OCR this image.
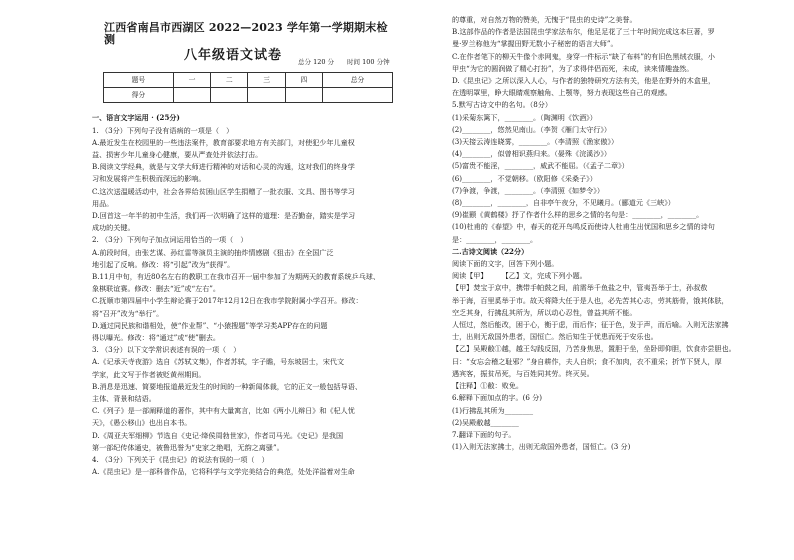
江西省南昌市西湖区 2022—2023 学年第一学期期末检测
八年级语文试卷 总分 120 分　　时间 100 分钟
题号	一	二	三	四	总分
得分					
一、语言文字运用 · (25分)
1. （3分）下列句子没有语病的一项是（　）
A.最近发生在校园里的一些违法案件，教育部要求地方有关部门，对使犯少年儿童权
益、损害少年儿童身心健康，要从严查处并依法打击。
B.阅读文学经典，就是与文学大师进行精神的对话和心灵的沟通，这对我们的终身学
习和发展将产生积极而深远的影响。
C.这次送温暖活动中，社会各界给贫困山区学生捐赠了一批衣服、文具、图书等学习
用品。
D.回首这一年半的初中生活，我们再一次明确了这样的道理：是否勤奋，踏实是学习
成功的关键。
2. （3分）下列句子加点词运用恰当的一项（　）
A.前段时间，由张艺谋、孙红雷等演员主演的抽炸情感剧《狙击》在全国广泛
地引起了反响。修改：将“引起”改为“获得”。
B.11月中旬，有近80名左右的教职工在我市召开一届中参加了为期两天的教育系统乒乓球、
象棋联谊赛。修改：删去“近”或“左右”。
C.抚顺市第四届中小学生辩论赛于2017年12月12日在我市学院附属小学召开。修改：
将“召开”改为“举行”。
D.通过同民族和谐相处，使“作业帮”、“小猿搜题”等学习类APP存在的问题
得以曝光。修改：将“通过”或“使”删去。
3. （3分）以下文学常识表述有误的一项（　）
A.《记承天寺夜游》选自《苏轼文集》，作者苏轼，字子瞻，号东坡居士，宋代文
学家，此文写于作者被贬黄州期间。
B.消息是迅速、简要地报道最近发生的时间的一种新闻体裁，它的正文一般包括导语、
主体、背景和结语。
C.《列子》是一部阐释道的著作，其中有大量寓言，比如《两小儿辩日》和《杞人忧
天》，《愚公移山》也出自本书。
D.《周亚夫军细柳》节选自《史记·绛侯周勃世家》，作者司马光。《史记》是我国
第一部纪传体通史，被鲁迅誉为“史家之绝唱，无韵之离骚”。
4. （3分）下列关于《昆虫记》的说法有误的一项（　）
A.《昆虫记》是一部科普作品，它将科学与文学完美结合的典范，处处洋溢着对生命
的尊重，对自然万物的赞美，无愧于“昆虫的史诗”之美誉。
B.这部作品的作者是法国昆虫学家法布尔，他足足花了三十年时间完成这本巨著，罗
曼·罗兰称他为“掌握田野无数小子秘密的语言大师”。
C.在作者笔下的柳天牛像个赤网鬼，身穿一件标示“缺了布料”的有旧色黑绒衣服，小
甲虫“为它的圆润做了精心打扮”，为了求得伴侣而死，未成，读来情趣盎然。
D.《昆虫记》之所以深入人心，与作者的独特研究方法有关，他是在野外的木盒里，
在透明罩里，睁大眼睛观察触角、上颚等，努力表现这些自己的观感。
5.默写古诗文中的名句。（8分）
(1)采菊东篱下，________。（陶渊明《饮酒》）
(2)________，悠然见南山。（李贺《雁门太守行》）
(3)天接云涛连晓雾，________。（李清照《渔家傲》）
(4)________，似曾相识燕归来。（晏殊《浣溪沙》）
(5)富贵不能淫，________，威武不能屈。（《孟子二章》）
(6)________，不觉朝移。（欧阳修《采桑子》）
(7)争渡，争渡，________。（李清照《如梦令》）
(8)________，________，自非亭午夜分，不见曦月。（郦道元《三峡》）
(9)崔颢《黄鹤楼》抒了作者什么样的思乡之情的名句是：________，________。
(10)杜甫的《春望》中，春天的花开鸟鸣反而使诗人杜甫生出忧国和思乡之情的诗句
是：________，________。
二.古诗文阅读（22分）
阅读下面的文字，回答下列小题。
阅读【甲】　　　【乙】文，完成下列小题。
【甲】焚宝于京中，携带手帕鼓之间，前需举千鱼盐之中，管夷吾举于士，孙叔敖
举于海，百里奚举于市。故天将降大任于是人也，必先苦其心志，劳其筋骨，饿其体肤，
空乏其身，行拂乱其所为，所以动心忍性，曾益其所不能。
人恒过，然后能改，困于心，衡于虑，而后作；征于色，发于声，而后喻。入则无法家拂
士，出则无敌国外患者，国恒亡。然后知生于忧患而死于安乐也。
【乙】吴殿敝①越，越王勾践反国，乃苦身焦思，置胆于坐，坐卧即仰胆，饮食亦尝胆也。
曰：“女忘会稽之耻邪？”身自耕作，夫人自织；食不加肉，衣不重采；折节下贤人，厚
遇宾客，振贫吊死，与百姓同其劳。终灭吴。
【注释】①敝：败免。
6.解释下面加点的字。(6 分)
(1)行拂乱其所为________
(2)吴殿敝越________
7.翻译下面的句子。
(1)入则无法家拂士，出则无敌国外患者，国恒亡。(3 分)
